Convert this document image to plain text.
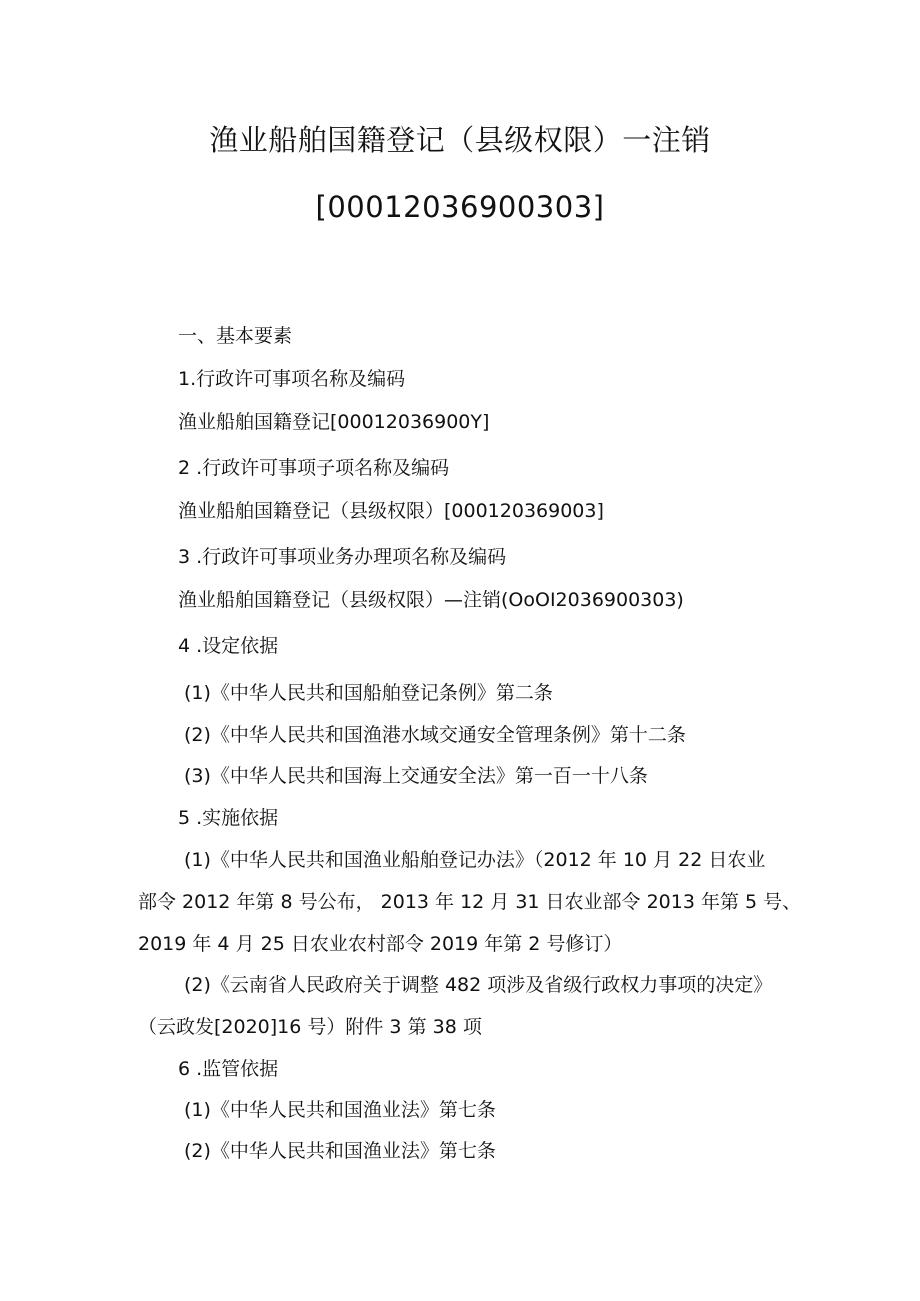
渔业船舶国籍登记（县级权限）一注销
[00012036900303]
一、基本要素
1.行政许可事项名称及编码
渔业船舶国籍登记[00012036900Y]
2 .行政许可事项子项名称及编码
渔业船舶国籍登记（县级权限）[000120369003]
3 .行政许可事项业务办理项名称及编码
渔业船舶国籍登记（县级权限）—注销(OoOI2036900303)
4 .设定依据
(1)《中华人民共和国船舶登记条例》第二条
(2)《中华人民共和国渔港水域交通安全管理条例》第十二条
(3)《中华人民共和国海上交通安全法》第一百一十八条
5 .实施依据
(1)《中华人民共和国渔业船舶登记办法》（2012 年 10 月 22 日农业
部令 2012 年第 8 号公布， 2013 年 12 月 31 日农业部令 2013 年第 5 号、
2019 年 4 月 25 日农业农村部令 2019 年第 2 号修订）
(2)《云南省人民政府关于调整 482 项涉及省级行政权力事项的决定》
（云政发[2020]16 号）附件 3 第 38 项
6 .监管依据
(1)《中华人民共和国渔业法》第七条
(2)《中华人民共和国渔业法》第七条
